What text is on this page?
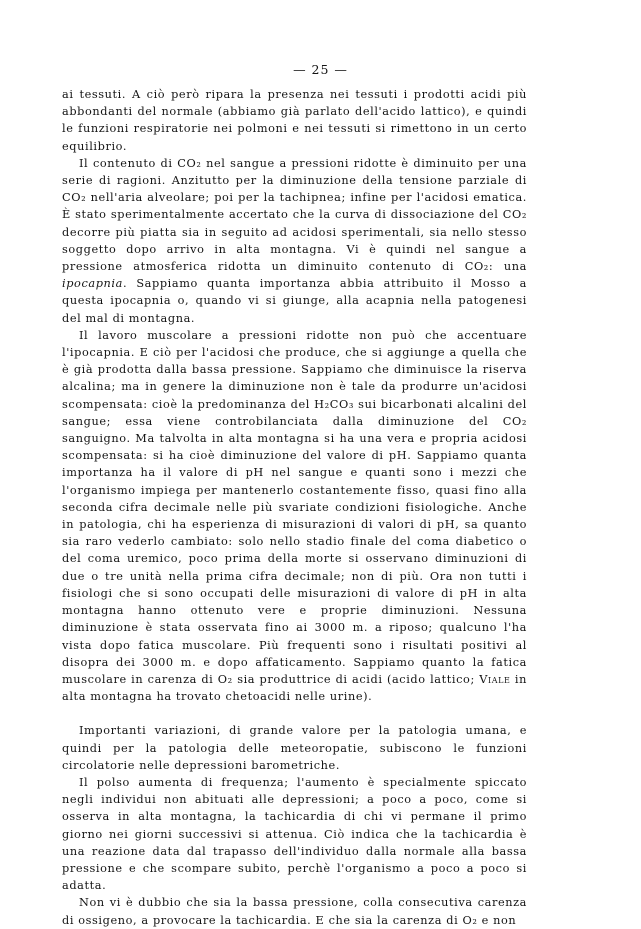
— 25 —

ai tessuti. A ciò però ripara la presenza nei tessuti i prodotti acidi più abbondanti del normale (abbiamo già parlato dell'acido lattico), e quindi le funzioni respiratorie nei polmoni e nei tessuti si rimettono in un certo equilibrio.

Il contenuto di CO₂ nel sangue a pressioni ridotte è diminuito per una serie di ragioni. Anzitutto per la diminuzione della tensione parziale di CO₂ nell'aria alveolare; poi per la tachipnea; infine per l'acidosi ematica. È stato sperimentalmente accertato che la curva di dissociazione del CO₂ decorre più piatta sia in seguito ad acidosi sperimentali, sia nello stesso soggetto dopo arrivo in alta montagna. Vi è quindi nel sangue a pressione atmosferica ridotta un diminuito contenuto di CO₂: una ipocapnia. Sappiamo quanta importanza abbia attribuito il Mosso a questa ipocapnia o, quando vi si giunge, alla acapnia nella patogenesi del mal di montagna.

Il lavoro muscolare a pressioni ridotte non può che accentuare l'ipocapnia. E ciò per l'acidosi che produce, che si aggiunge a quella che è già prodotta dalla bassa pressione. Sappiamo che diminuisce la riserva alcalina; ma in genere la diminuzione non è tale da produrre un'acidosi scompensata: cioè la predominanza del H₂CO₃ sui bicarbonati alcalini del sangue; essa viene controbilanciata dalla diminuzione del CO₂ sanguigno. Ma talvolta in alta montagna si ha una vera e propria acidosi scompensata: si ha cioè diminuzione del valore di pH. Sappiamo quanta importanza ha il valore di pH nel sangue e quanti sono i mezzi che l'organismo impiega per mantenerlo costantemente fisso, quasi fino alla seconda cifra decimale nelle più svariate condizioni fisiologiche. Anche in patologia, chi ha esperienza di misurazioni di valori di pH, sa quanto sia raro vederlo cambiato: solo nello stadio finale del coma diabetico o del coma uremico, poco prima della morte si osservano diminuzioni di due o tre unità nella prima cifra decimale; non di più. Ora non tutti i fisiologi che si sono occupati delle misurazioni di valore di pH in alta montagna hanno ottenuto vere e proprie diminuzioni. Nessuna diminuzione è stata osservata fino ai 3000 m. a riposo; qualcuno l'ha vista dopo fatica muscolare. Più frequenti sono i risultati positivi al disopra dei 3000 m. e dopo affaticamento. Sappiamo quanto la fatica muscolare in carenza di O₂ sia produttrice di acidi (acido lattico; Viale in alta montagna ha trovato chetoacidi nelle urine).

Importanti variazioni, di grande valore per la patologia umana, e quindi per la patologia delle meteoropatie, subiscono le funzioni circolatorie nelle depressioni barometriche.

Il polso aumenta di frequenza; l'aumento è specialmente spiccato negli individui non abituati alle depressioni; a poco a poco, come si osserva in alta montagna, la tachicardia di chi vi permane il primo giorno nei giorni successivi si attenua. Ciò indica che la tachicardia è una reazione data dal trapasso dell'individuo dalla normale alla bassa pressione e che scompare subito, perchè l'organismo a poco a poco si adatta.

Non vi è dubbio che sia la bassa pressione, colla consecutiva carenza di ossigeno, a provocare la tachicardia. E che sia la carenza di O₂ e non
